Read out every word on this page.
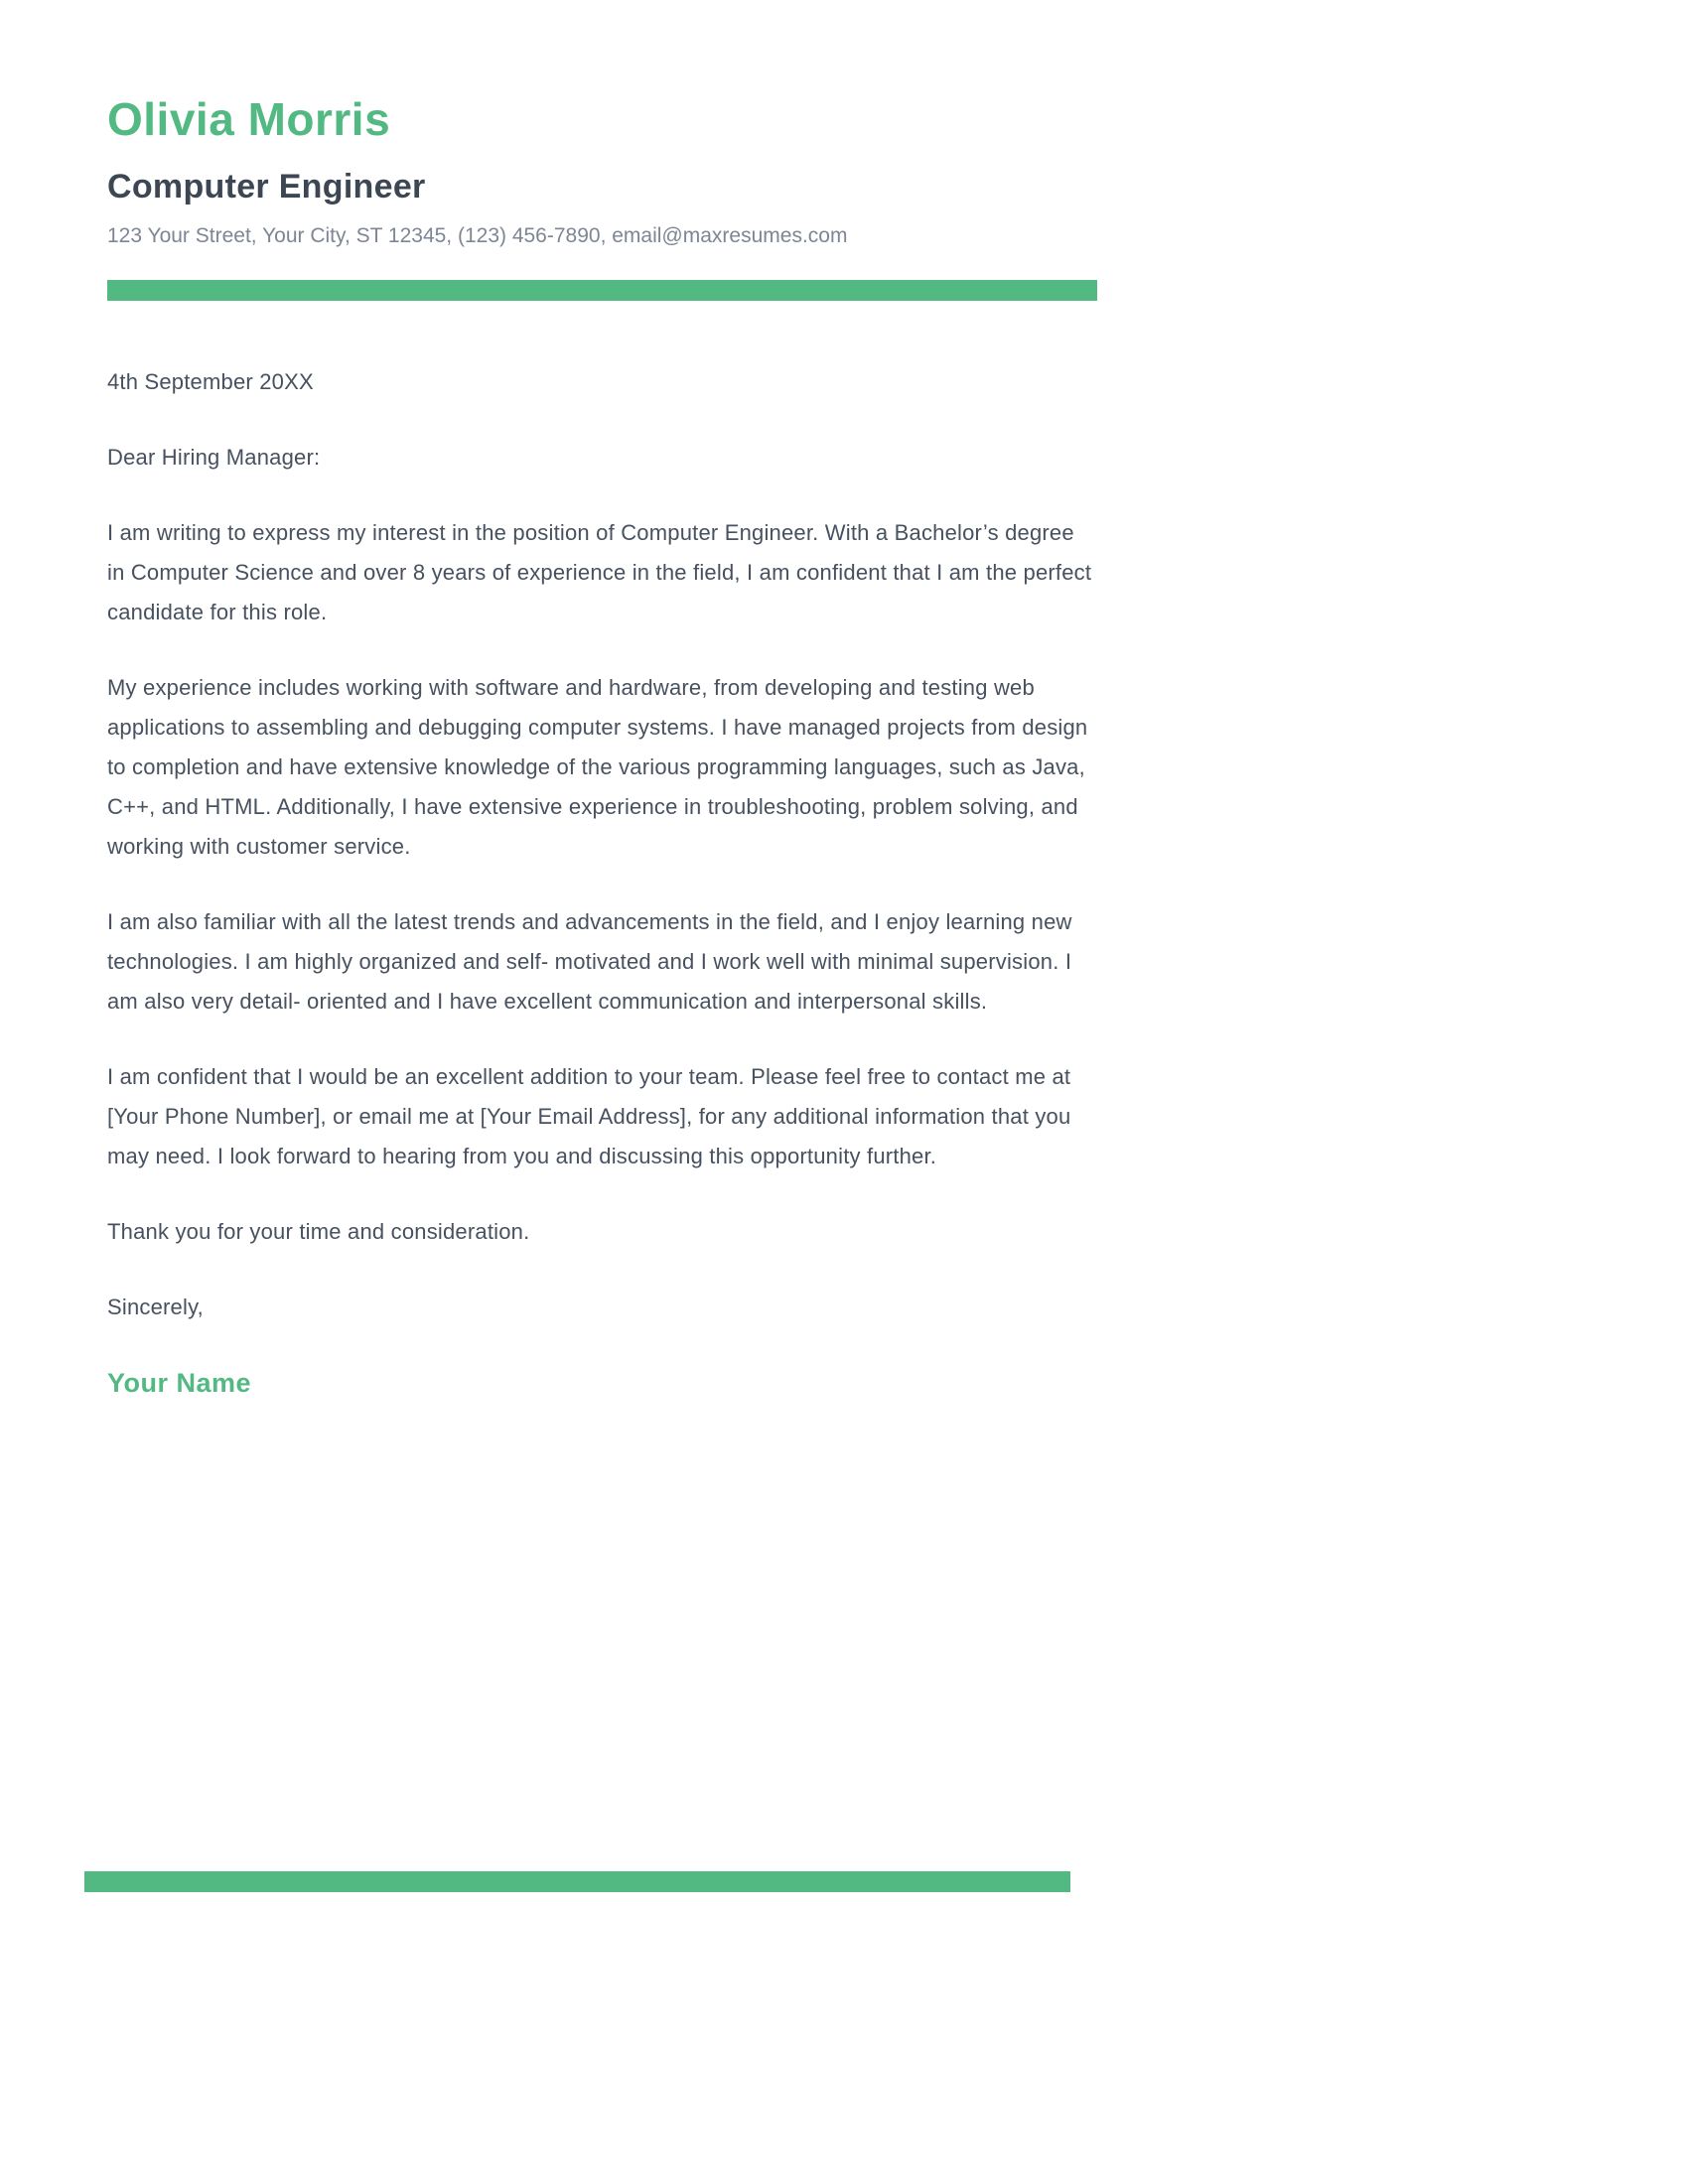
Olivia Morris
Computer Engineer
123 Your Street, Your City, ST 12345, (123) 456-7890, email@maxresumes.com

4th September 20XX

Dear Hiring Manager:

I am writing to express my interest in the position of Computer Engineer. With a Bachelor’s degree in Computer Science and over 8 years of experience in the field, I am confident that I am the perfect candidate for this role.

My experience includes working with software and hardware, from developing and testing web applications to assembling and debugging computer systems. I have managed projects from design to completion and have extensive knowledge of the various programming languages, such as Java, C++, and HTML. Additionally, I have extensive experience in troubleshooting, problem solving, and working with customer service.

I am also familiar with all the latest trends and advancements in the field, and I enjoy learning new technologies. I am highly organized and self- motivated and I work well with minimal supervision. I am also very detail- oriented and I have excellent communication and interpersonal skills.

I am confident that I would be an excellent addition to your team. Please feel free to contact me at [Your Phone Number], or email me at [Your Email Address], for any additional information that you may need. I look forward to hearing from you and discussing this opportunity further.

Thank you for your time and consideration.

Sincerely,

Your Name
